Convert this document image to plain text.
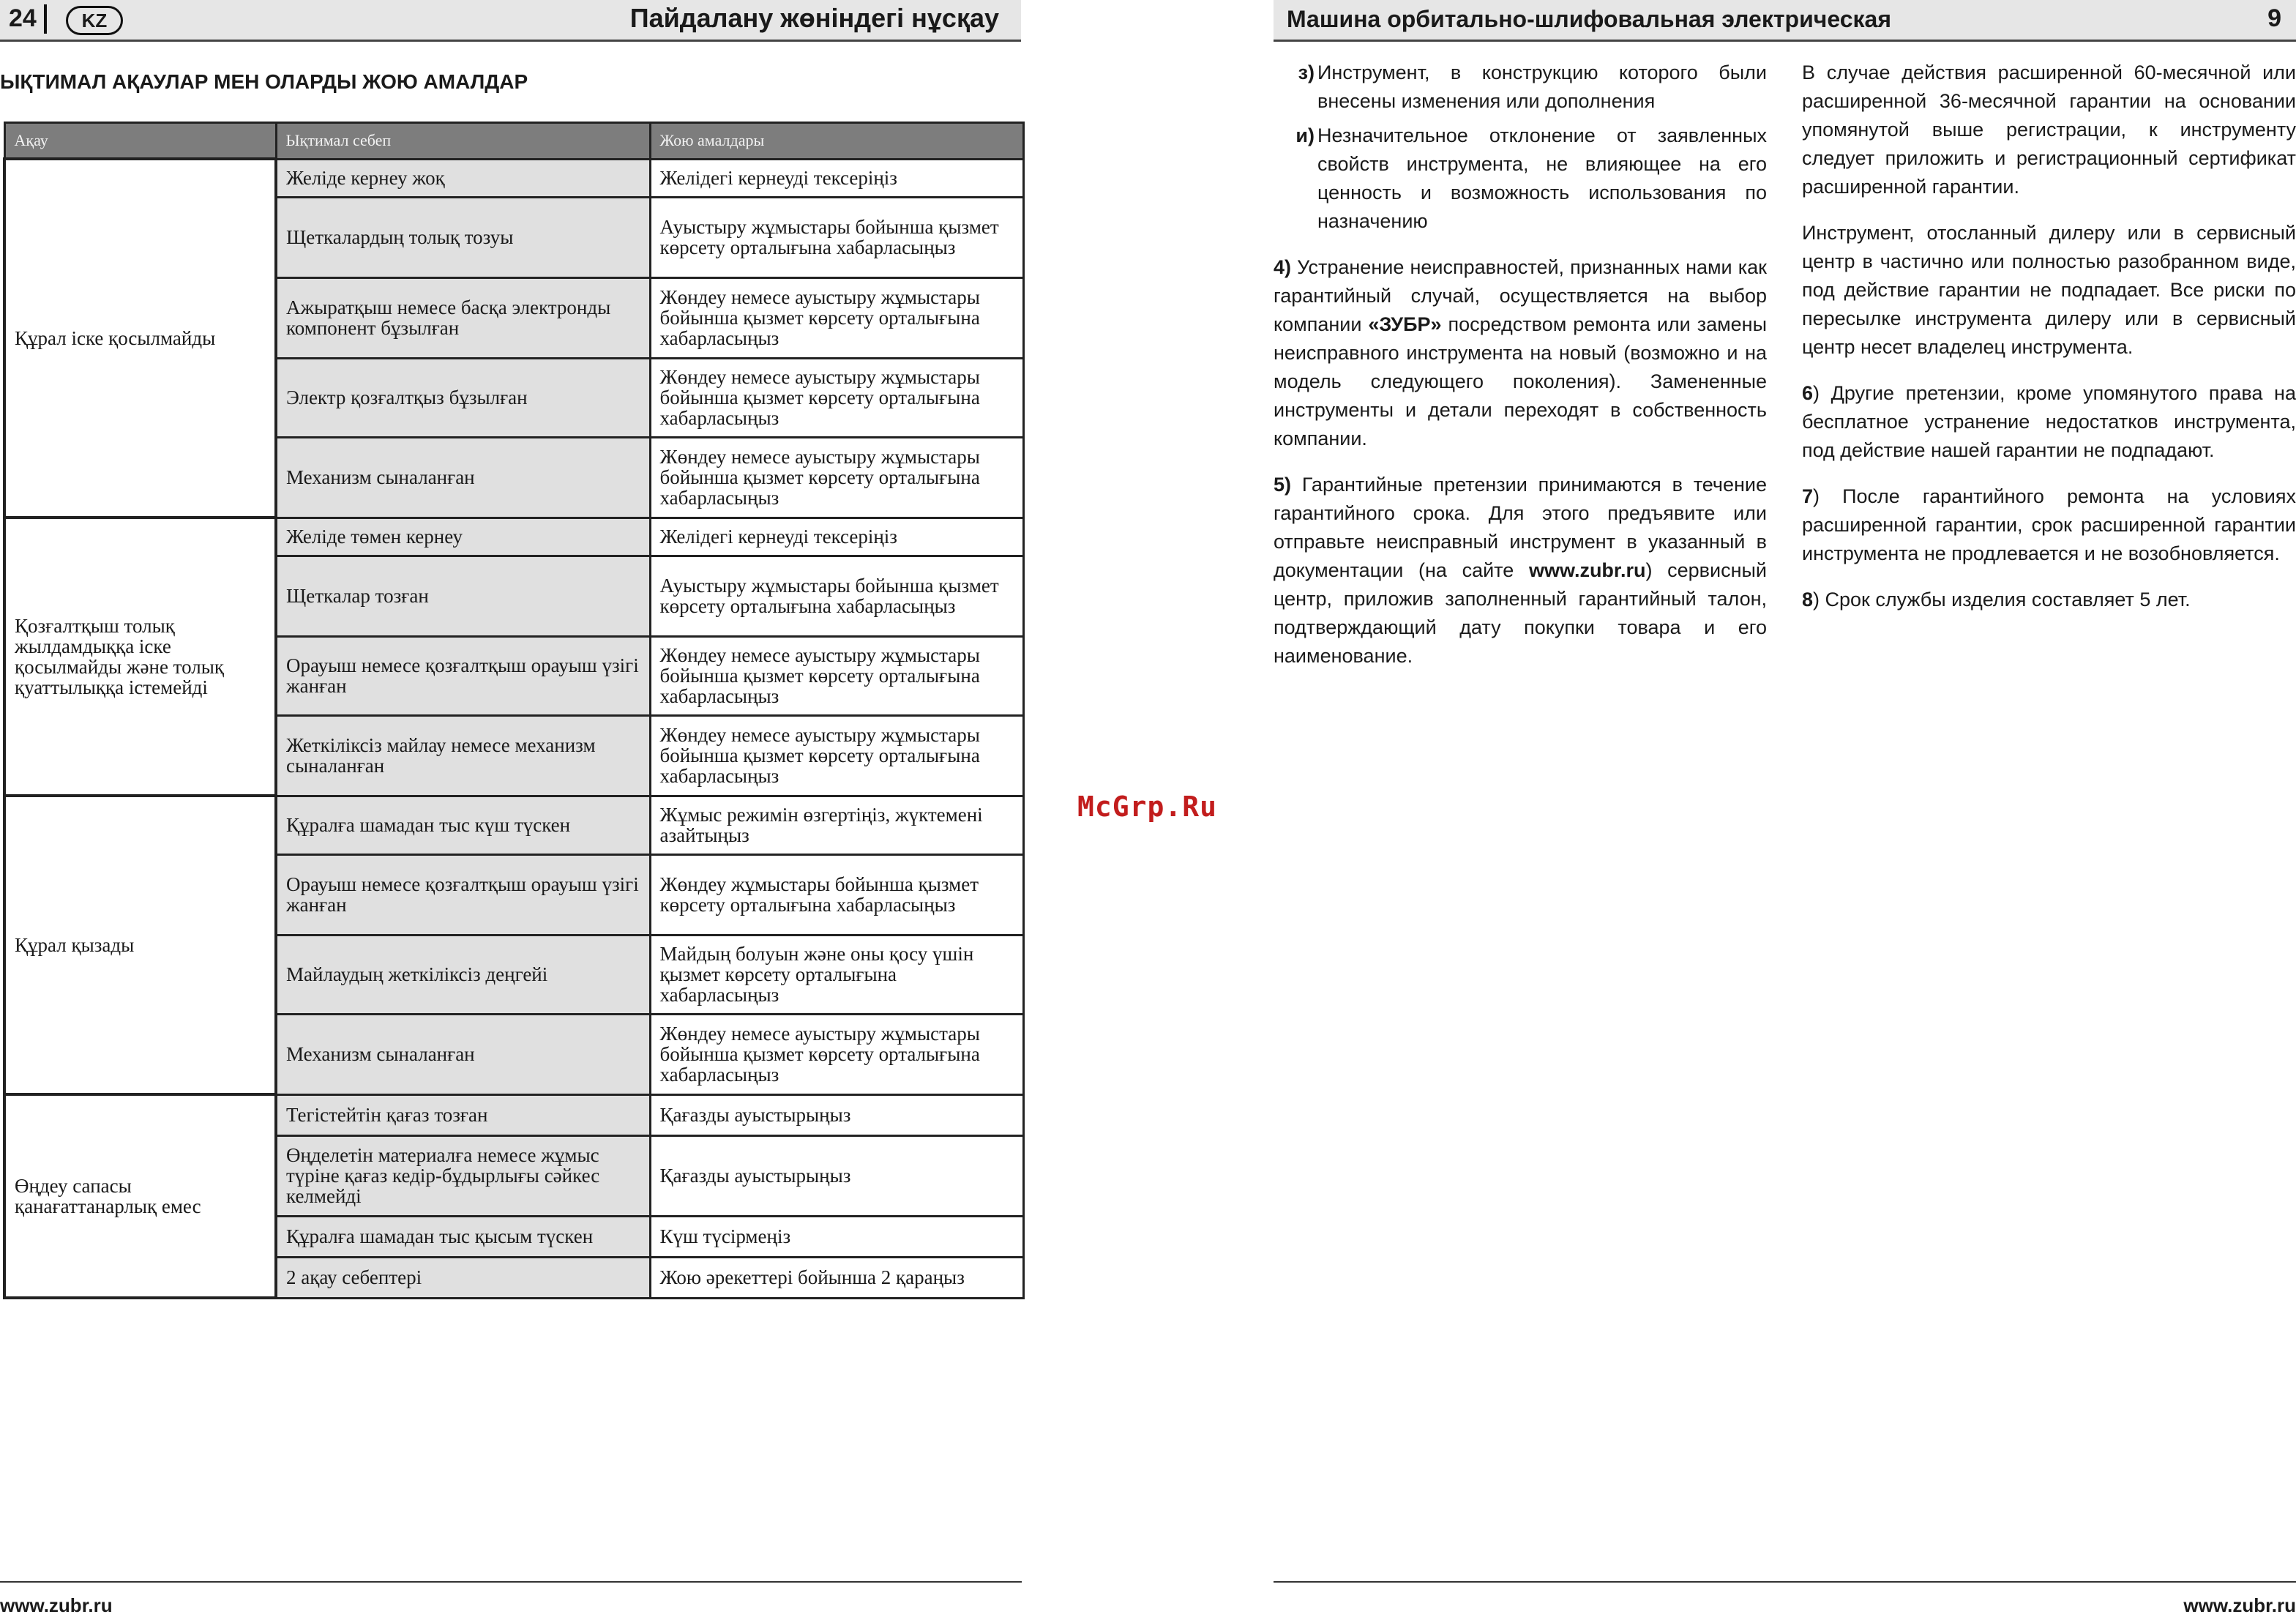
24	KZ	Пайдалану жөніндегі нұсқау
ЫҚТИМАЛ АҚАУЛАР МЕН ОЛАРДЫ ЖОЮ АМАЛДАР
Ақау	Ықтимал себеп	Жою амалдары
Құрал іске қосылмайды	Желіде кернеу жоқ	Желідегі кернеуді тексеріңіз
	Щеткалардың толық тозуы	Ауыстыру жұмыстары бойынша қызмет көрсету орталығына хабарласыңыз
	Ажыратқыш немесе басқа электронды компонент бұзылған	Жөндеу немесе ауыстыру жұмыстары бойынша қызмет көрсету орталығына хабарласыңыз
	Электр қозғалтқыз бұзылған	Жөндеу немесе ауыстыру жұмыстары бойынша қызмет көрсету орталығына хабарласыңыз
	Механизм сыналанған	Жөндеу немесе ауыстыру жұмыстары бойынша қызмет көрсету орталығына хабарласыңыз
Қозғалтқыш толық жылдамдыққа іске қосылмайды және толық қуаттылыққа істемейді	Желіде төмен кернеу	Желідегі кернеуді тексеріңіз
	Щеткалар тозған	Ауыстыру жұмыстары бойынша қызмет көрсету орталығына хабарласыңыз
	Орауыш немесе қозғалтқыш орауыш үзігі жанған	Жөндеу немесе ауыстыру жұмыстары бойынша қызмет көрсету орталығына хабарласыңыз
	Жеткіліксіз майлау немесе механизм сыналанған	Жөндеу немесе ауыстыру жұмыстары бойынша қызмет көрсету орталығына хабарласыңыз
Құрал қызады	Құралға шамадан тыс күш түскен	Жұмыс режимін өзгертіңіз, жүктемені азайтыңыз
	Орауыш немесе қозғалтқыш орауыш үзігі жанған	Жөндеу жұмыстары бойынша қызмет көрсету орталығына хабарласыңыз
	Майлаудың жеткіліксіз деңгейі	Майдың болуын және оны қосу үшін қызмет көрсету орталығына хабарласыңыз
	Механизм сыналанған	Жөндеу немесе ауыстыру жұмыстары бойынша қызмет көрсету орталығына хабарласыңыз
Өңдеу сапасы қанағаттанарлық емес	Тегістейтін қағаз тозған	Қағазды ауыстырыңыз
	Өңделетін материалға немесе жұмыс түріне қағаз кедір-бұдырлығы сәйкес келмейді	Қағазды ауыстырыңыз
	Құралға шамадан тыс қысым түскен	Күш түсірмеңіз
	2 ақау себептері	Жою әрекеттері бойынша 2 қараңыз
www.zubr.ru
McGrp.Ru
Машина орбитально-шлифовальная электрическая	9
з) Инструмент, в конструкцию которого были внесены изменения или дополнения
и) Незначительное отклонение от заявленных свойств инструмента, не влияющее на его ценность и возможность использования по назначению

4) Устранение неисправностей, признанных нами как гарантийный случай, осуществляется на выбор компании «ЗУБР» посредством ремонта или замены неисправного инструмента на новый (возможно и на модель следующего поколения). Замененные инструменты и детали переходят в собственность компании.

5) Гарантийные претензии принимаются в течение гарантийного срока. Для этого предъявите или отправьте неисправный инструмент в указанный в документации (на сайте www.zubr.ru) сервисный центр, приложив заполненный гарантийный талон, подтверждающий дату покупки товара и его наименование.

В случае действия расширенной 60-месячной или расширенной 36-месячной гарантии на основании упомянутой выше регистрации, к инструменту следует приложить и регистрационный сертификат расширенной гарантии.

Инструмент, отосланный дилеру или в сервисный центр в частично или полностью разобранном виде, под действие гарантии не подпадает. Все риски по пересылке инструмента дилеру или в сервисный центр несет владелец инструмента.

6) Другие претензии, кроме упомянутого права на бесплатное устранение недостатков инструмента, под действие нашей гарантии не подпадают.

7) После гарантийного ремонта на условиях расширенной гарантии, срок расширенной гарантии инструмента не продлевается и не возобновляется.

8) Срок службы изделия составляет 5 лет.

www.zubr.ru
